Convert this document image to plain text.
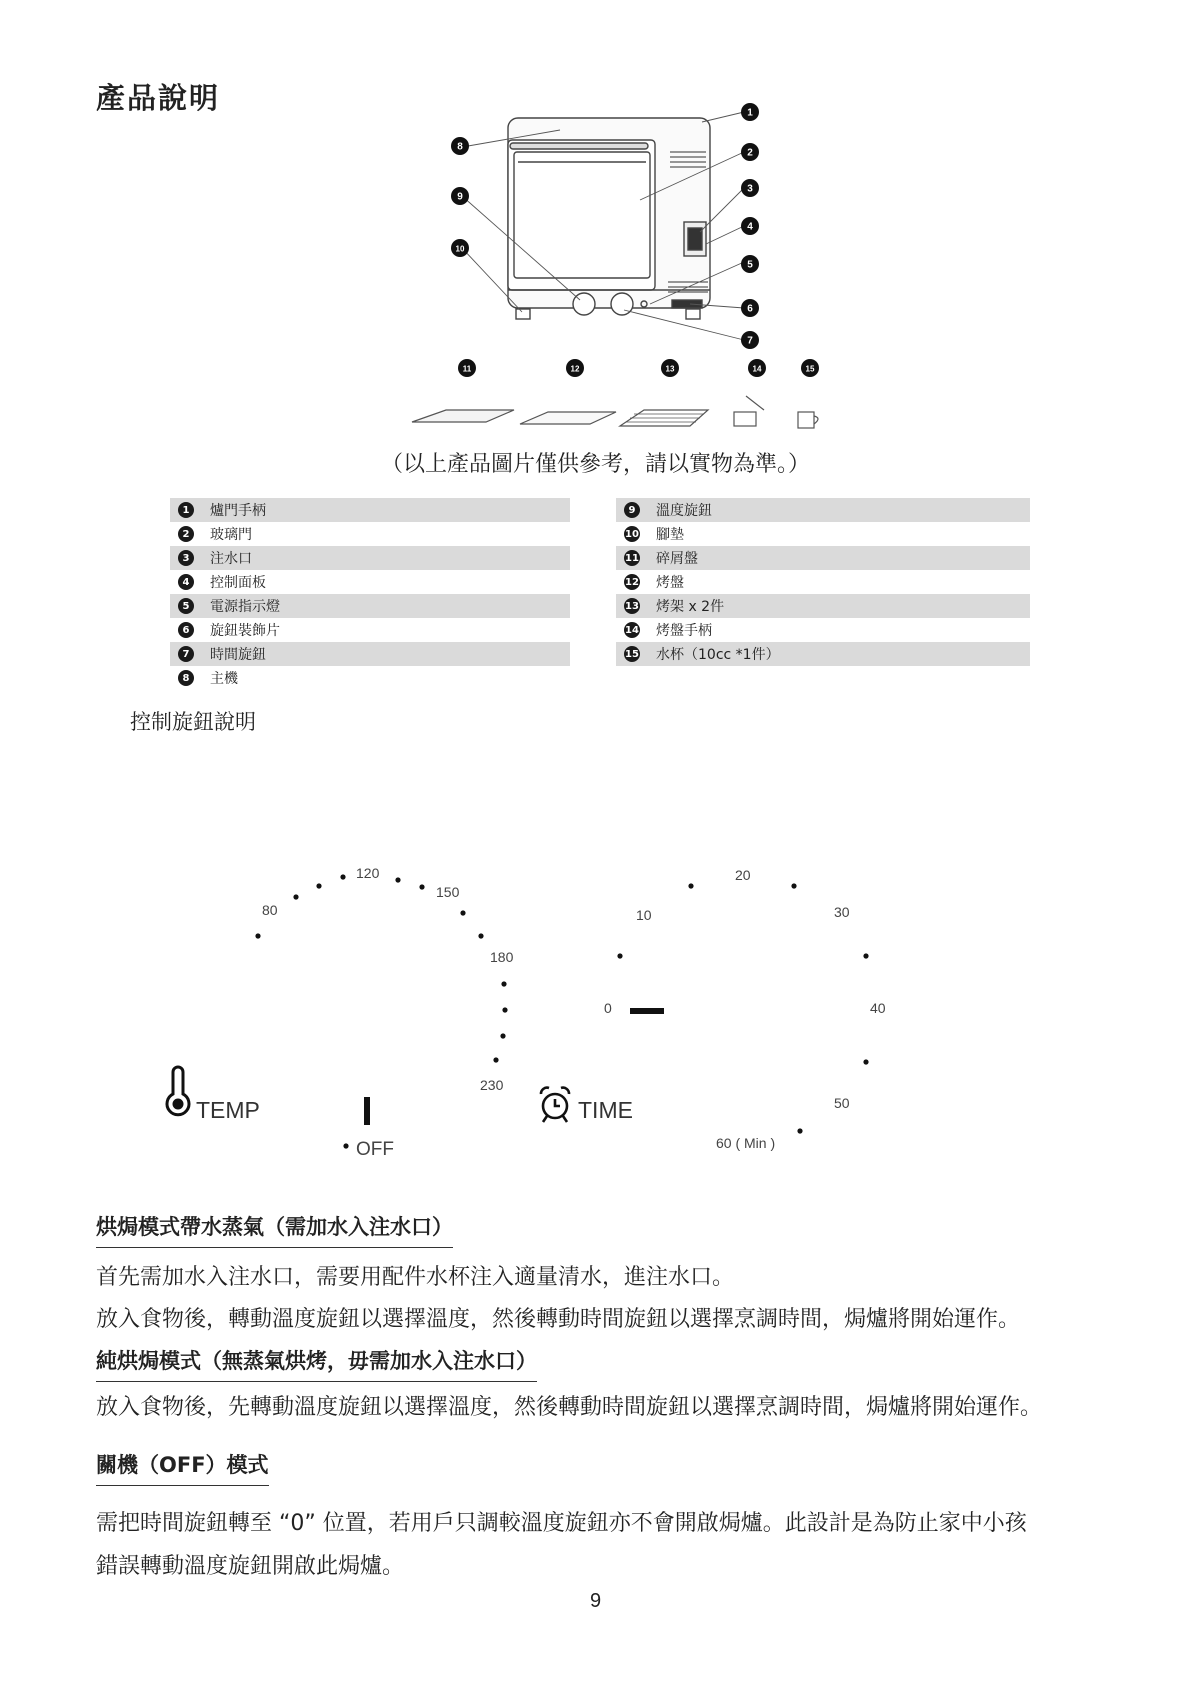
產品說明	1
2
3
4
5
6
7
8
9
10
11	12	13	14	15
（以上產品圖片僅供參考，請以實物為準。）
1	爐門手柄
2	玻璃門
3	注水口
4	控制面板
5	電源指示燈
6	旋鈕裝飾片
7	時間旋鈕
8	主機
9	溫度旋鈕
10 腳墊
11 碎屑盤
12 烤盤
13 烤架 x 2件
14 烤盤手柄
15 水杯（10cc *1件）
控制旋鈕說明
80
120
150
180
230
OFF
TEMP
0
10
20
30
40
50
60 ( Min )
TIME
烘焗模式帶水蒸氣（需加水入注水口）
首先需加水入注水口，需要用配件水杯注入適量清水，進注水口。
放入食物後，轉動溫度旋鈕以選擇溫度，然後轉動時間旋鈕以選擇烹調時間，焗爐將開始運作。
純烘焗模式（無蒸氣烘烤，毋需加水入注水口）
放入食物後，先轉動溫度旋鈕以選擇溫度，然後轉動時間旋鈕以選擇烹調時間，焗爐將開始運作。
關機（OFF）模式
需把時間旋鈕轉至 “0” 位置，若用戶只調較溫度旋鈕亦不會開啟焗爐。此設計是為防止家中小孩
錯誤轉動溫度旋鈕開啟此焗爐。
9
